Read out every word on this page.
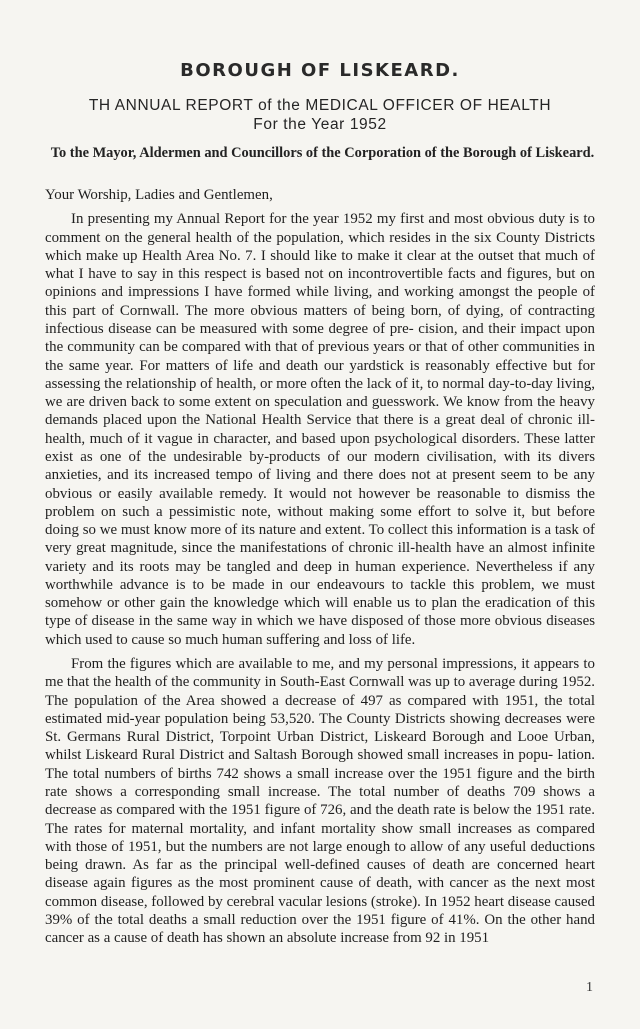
BOROUGH OF LISKEARD.
TH ANNUAL REPORT of the MEDICAL OFFICER OF HEALTH
For the Year 1952
To the Mayor, Aldermen and Councillors of the Corporation of the Borough of Liskeard.

Your Worship, Ladies and Gentlemen,

In presenting my Annual Report for the year 1952 my first and most obvious duty is to comment on the general health of the population, which resides in the six County Districts which make up Health Area No. 7. I should like to make it clear at the outset that much of what I have to say in this respect is based not on incontrovertible facts and figures, but on opinions and impressions I have formed while living, and working amongst the people of this part of Cornwall. The more obvious matters of being born, of dying, of contracting infectious disease can be measured with some degree of pre- cision, and their impact upon the community can be compared with that of previous years or that of other communities in the same year. For matters of life and death our yardstick is reasonably effective but for assessing the relationship of health, or more often the lack of it, to normal day-to-day living, we are driven back to some extent on speculation and guesswork. We know from the heavy demands placed upon the National Health Service that there is a great deal of chronic ill-health, much of it vague in character, and based upon psychological disorders. These latter exist as one of the undesirable by-products of our modern civilisation, with its divers anxieties, and its increased tempo of living and there does not at present seem to be any obvious or easily available remedy. It would not however be reasonable to dismiss the problem on such a pessimistic note, without making some effort to solve it, but before doing so we must know more of its nature and extent. To collect this information is a task of very great magnitude, since the manifestations of chronic ill-health have an almost infinite variety and its roots may be tangled and deep in human experience. Nevertheless if any worthwhile advance is to be made in our endeavours to tackle this problem, we must somehow or other gain the knowledge which will enable us to plan the eradication of this type of disease in the same way in which we have disposed of those more obvious diseases which used to cause so much human suffering and loss of life.

From the figures which are available to me, and my personal impressions, it appears to me that the health of the community in South-East Cornwall was up to average during 1952. The population of the Area showed a decrease of 497 as compared with 1951, the total estimated mid-year population being 53,520. The County Districts showing decreases were St. Germans Rural District, Torpoint Urban District, Liskeard Borough and Looe Urban, whilst Liskeard Rural District and Saltash Borough showed small increases in popu- lation. The total numbers of births 742 shows a small increase over the 1951 figure and the birth rate shows a corresponding small increase. The total number of deaths 709 shows a decrease as compared with the 1951 figure of 726, and the death rate is below the 1951 rate. The rates for maternal mortality, and infant mortality show small increases as compared with those of 1951, but the numbers are not large enough to allow of any useful deductions being drawn. As far as the principal well-defined causes of death are concerned heart disease again figures as the most prominent cause of death, with cancer as the next most common disease, followed by cerebral vacular lesions (stroke). In 1952 heart disease caused 39% of the total deaths a small reduction over the 1951 figure of 41%. On the other hand cancer as a cause of death has shown an absolute increase from 92 in 1951

1
